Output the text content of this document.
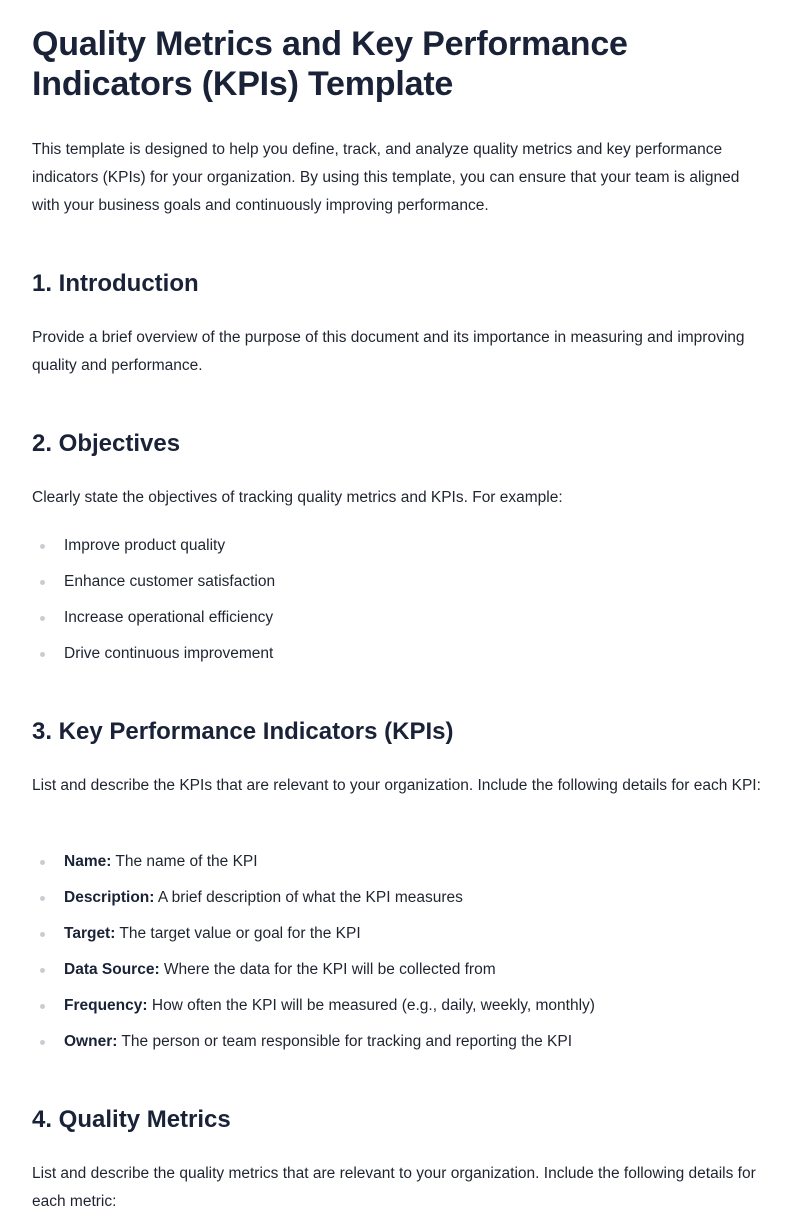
Quality Metrics and Key Performance Indicators (KPIs) Template

This template is designed to help you define, track, and analyze quality metrics and key performance indicators (KPIs) for your organization. By using this template, you can ensure that your team is aligned with your business goals and continuously improving performance.

1. Introduction

Provide a brief overview of the purpose of this document and its importance in measuring and improving quality and performance.

2. Objectives

Clearly state the objectives of tracking quality metrics and KPIs. For example:

Improve product quality
Enhance customer satisfaction
Increase operational efficiency
Drive continuous improvement
3. Key Performance Indicators (KPIs)

List and describe the KPIs that are relevant to your organization. Include the following details for each KPI:

Name: The name of the KPI
Description: A brief description of what the KPI measures
Target: The target value or goal for the KPI
Data Source: Where the data for the KPI will be collected from
Frequency: How often the KPI will be measured (e.g., daily, weekly, monthly)
Owner: The person or team responsible for tracking and reporting the KPI
4. Quality Metrics

List and describe the quality metrics that are relevant to your organization. Include the following details for each metric:
